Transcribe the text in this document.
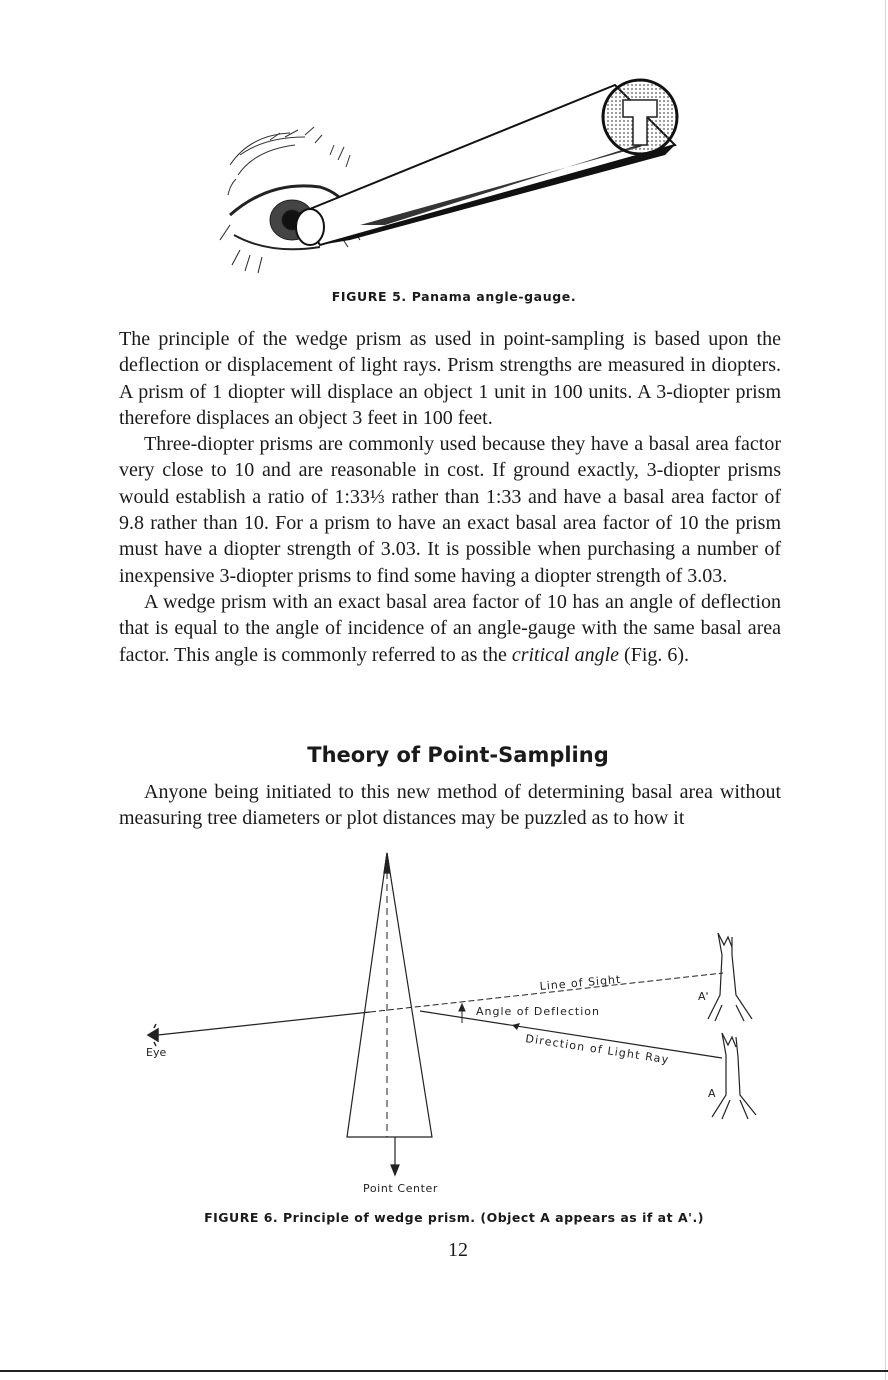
FIGURE 5. Panama angle-gauge.

The principle of the wedge prism as used in point-sampling is based upon the deflection or displacement of light rays. Prism strengths are measured in diopters. A prism of 1 diopter will displace an object 1 unit in 100 units. A 3-diopter prism therefore displaces an object 3 feet in 100 feet.

Three-diopter prisms are commonly used because they have a basal area factor very close to 10 and are reasonable in cost. If ground exactly, 3-diopter prisms would establish a ratio of 1:33⅓ rather than 1:33 and have a basal area factor of 9.8 rather than 10. For a prism to have an exact basal area factor of 10 the prism must have a diopter strength of 3.03. It is possible when purchasing a number of inexpensive 3-diopter prisms to find some having a diopter strength of 3.03.

A wedge prism with an exact basal area factor of 10 has an angle of deflection that is equal to the angle of incidence of an angle-gauge with the same basal area factor. This angle is commonly referred to as the critical angle (Fig. 6).

Theory of Point-Sampling

Anyone being initiated to this new method of determining basal area without measuring tree diameters or plot distances may be puzzled as to how it

Eye
Line of Sight
Angle of Deflection
Direction of Light Ray
A'
A
Point Center
FIGURE 6. Principle of wedge prism. (Object A appears as if at A'.)
12
